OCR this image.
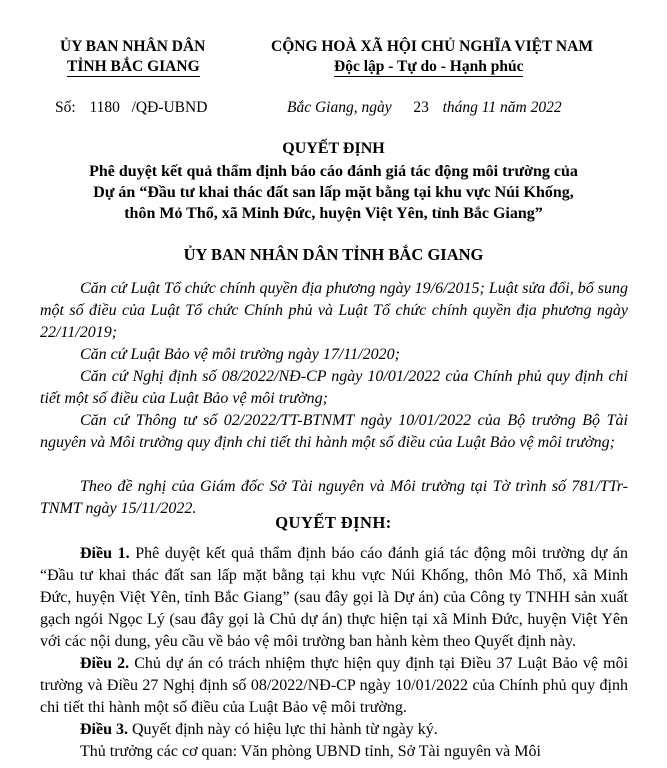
ỦY BAN NHÂN DÂN
TỈNH BẮC GIANG
CỘNG HOÀ XÃ HỘI CHỦ NGHĨA VIỆT NAM
Độc lập - Tự do - Hạnh phúc
Số: 1180 /QĐ-UBND	Bắc Giang, ngày 23 tháng 11 năm 2022
QUYẾT ĐỊNH
Phê duyệt kết quả thẩm định báo cáo đánh giá tác động môi trường của
Dự án “Đầu tư khai thác đất san lấp mặt bằng tại khu vực Núi Khống,
thôn Mỏ Thổ, xã Minh Đức, huyện Việt Yên, tỉnh Bắc Giang”
ỦY BAN NHÂN DÂN TỈNH BẮC GIANG
Căn cứ Luật Tổ chức chính quyền địa phương ngày 19/6/2015; Luật sửa đổi, bổ sung một số điều của Luật Tổ chức Chính phủ và Luật Tổ chức chính quyền địa phương ngày 22/11/2019;
Căn cứ Luật Bảo vệ môi trường ngày 17/11/2020;
Căn cứ Nghị định số 08/2022/NĐ-CP ngày 10/01/2022 của Chính phủ quy định chi tiết một số điều của Luật Bảo vệ môi trường;
Căn cứ Thông tư số 02/2022/TT-BTNMT ngày 10/01/2022 của Bộ trưởng Bộ Tài nguyên và Môi trường quy định chi tiết thi hành một số điều của Luật Bảo vệ môi trường;
Theo đề nghị của Giám đốc Sở Tài nguyên và Môi trường tại Tờ trình số 781/TTr-TNMT ngày 15/11/2022.
QUYẾT ĐỊNH:
Điều 1. Phê duyệt kết quả thẩm định báo cáo đánh giá tác động môi trường dự án “Đầu tư khai thác đất san lấp mặt bằng tại khu vực Núi Khống, thôn Mỏ Thổ, xã Minh Đức, huyện Việt Yên, tỉnh Bắc Giang” (sau đây gọi là Dự án) của Công ty TNHH sản xuất gạch ngói Ngọc Lý (sau đây gọi là Chủ dự án) thực hiện tại xã Minh Đức, huyện Việt Yên với các nội dung, yêu cầu về bảo vệ môi trường ban hành kèm theo Quyết định này.
Điều 2. Chủ dự án có trách nhiệm thực hiện quy định tại Điều 37 Luật Bảo vệ môi trường và Điều 27 Nghị định số 08/2022/NĐ-CP ngày 10/01/2022 của Chính phủ quy định chi tiết thi hành một số điều của Luật Bảo vệ môi trường.
Điều 3. Quyết định này có hiệu lực thi hành từ ngày ký.
Thủ trưởng các cơ quan: Văn phòng UBND tỉnh, Sở Tài nguyên và Môi
